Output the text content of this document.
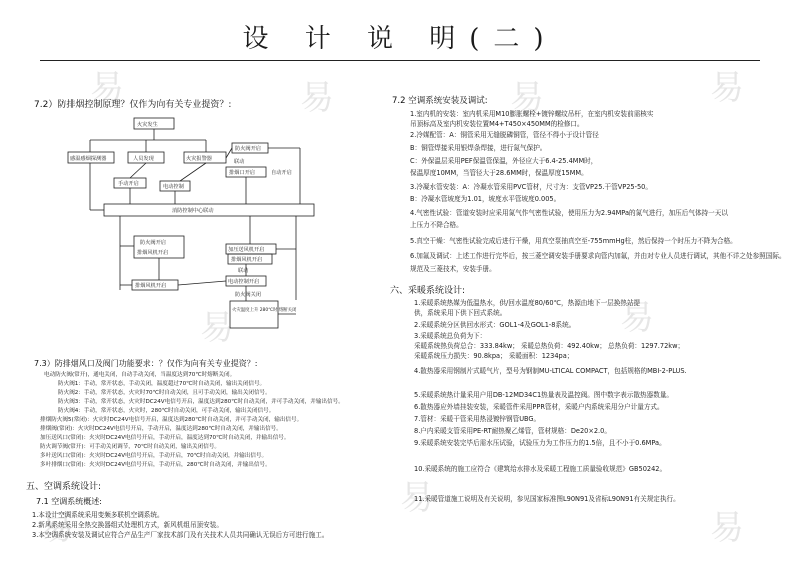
易	易	易	易
易
易
易
易	易
设 计 说 明(二)
7.2）防排烟控制原理？仅作为向有关专业提资？:
火灾发生
感温感烟探测器	人员发现	火灾报警器
手动开启	电动控制
防火阀开启
联动
排烟口开启	自动开启
消防控制中心联动
防火阀开启
排烟风机开启	加压送风机开启
排烟风机开启
排烟风机开启
联动
电动控制开启
防火阀关闭
火灾温度上升 280℃时 熔断关闭
7.3）防排烟风口及阀门功能要求：？仅作为向有关专业提资？:
电动防火阀(常开)，通电关闭，自动手动关闭，当温度达到70℃时熔断关闭。
防火阀1：手动，常开状态，手动关闭，温度超过70℃时自动关闭，输出关闭信号。
防火阀2：手动，常开状态，火灾时70℃时自动关闭，且可手动关闭，输出关闭信号。
防火阀3：手动，常开状态，火灾时DC24V电信号开启，温度达到280℃时自动关闭，并可手动关闭，并输出信号。
防火阀4：手动，常开状态，火灾时，280℃时自动关闭，可手动关闭，输出关闭信号。
排烟防火阀5(常闭)：火灾时DC24V电信号开启，温度达到280℃时自动关闭，并可手动关闭，输出信号。
排烟阀(常闭)：火灾时DC24V电信号开启，手动开启，温度达到280℃时自动关闭，并输出信号。
加压送风口(常闭)：火灾时DC24V电信号开启，手动开启，温度达到70℃时自动关闭，并输出信号。
防火调节阀(常开)：可手动关闭调节，70℃时自动关闭，输出关闭信号。
多叶送风口(常闭)：火灾时DC24V电信号开启，手动开启，70℃时自动关闭，并输出信号。
多叶排烟口(常闭)：火灾时DC24V电信号开启，手动开启，280℃时自动关闭，并输出信号。
五、空调系统设计:
7.1 空调系统概述:
1.本设计空调系统采用变频多联机空调系统。
2.新风系统采用全热交换器组式处理机方式，新风机组吊顶安装。
3.本空调系统安装及调试应符合产品生产厂家技术部门及有关技术人员共同确认无误后方可进行施工。
7.2 空调系统安装及调试:
1.室内机的安装：室内机采用M10膨胀螺栓+镀锌螺纹吊杆，在室内机安装前需核实
吊顶标高及室内机安装位置M4+T450×450MM的检修口。
2.冷媒配管：A：铜管采用无缝脱磷铜管，管径不得小于设计管径
B：铜管焊接采用银焊条焊接，进行氮气保护。
C：外保温层采用PEF保温管保温，外径应大于6.4-25.4MM时，
保温厚度10MM，当管径大于28.6MM时，保温厚度15MM。
3.冷凝水管安装：A：冷凝水管采用PVC管材，尺寸为：支管VP25.干管VP25-50。
B：冷凝水管坡度为1.01，坡度水平管坡度0.005。
4.气密性试验：管道安装时应采用氮气作气密性试验，使用压力为2.94MPa的氮气进行，加压后气体持一天以
上压力不降合格。
5.真空干燥：气密性试验完成后进行干燥，用真空泵抽真空至-755mmHg柱，然后保持一个时压力不降为合格。
6.加氟及调试：上述工作进行完毕后，按三菱空调安装手册要求向管内加氟，并由对专业人员进行调试，其他不详之处参照国际。
规范及三菱技术，安装手册。
六、采暖系统设计:
1.采暖系统热媒为低温热水，供/回水温度80/60℃，热源由地下一层换热站提
供，系统采用下供下回式系统。
2.采暖系统分区供回水形式：GOL1-4及GOL1-8系统。
3.采暖系统总负荷为下：
采暖系统热负荷总合：333.84kw； 采暖总热负荷：492.40kw； 总热负荷：1297.72kw；
采暖系统压力损失：90.8kpa； 采暖面积：1234pa；
4.散热器采用钢制片式暖气片，型号为钢制MU-LTICAL COMPACT，包括规格的MBI-2-PLUS.
5.采暖系统热计量采用户用DB-12MD34C1热量表及温控阀。图中数字表示散热器数量。
6.散热器应外墙挂装安装，采暖管件采用PPR管材，采暖户内系统采用分户计量方式。
7.管材：采暖干管采用热浸镀锌钢管UBG。
8.户内采暖支管采用PE-RT耐热聚乙烯管，管材规格：De20×2.0。
9.采暖系统安装完毕后需水压试验，试验压力为工作压力的1.5倍，且不小于0.6MPa。
10.采暖系统的施工应符合《建筑给水排水及采暖工程施工质量验收规范》GB50242。
11.采暖管道施工说明及有关说明，参见国家标准图L90N91及省标L90N91有关规定执行。
